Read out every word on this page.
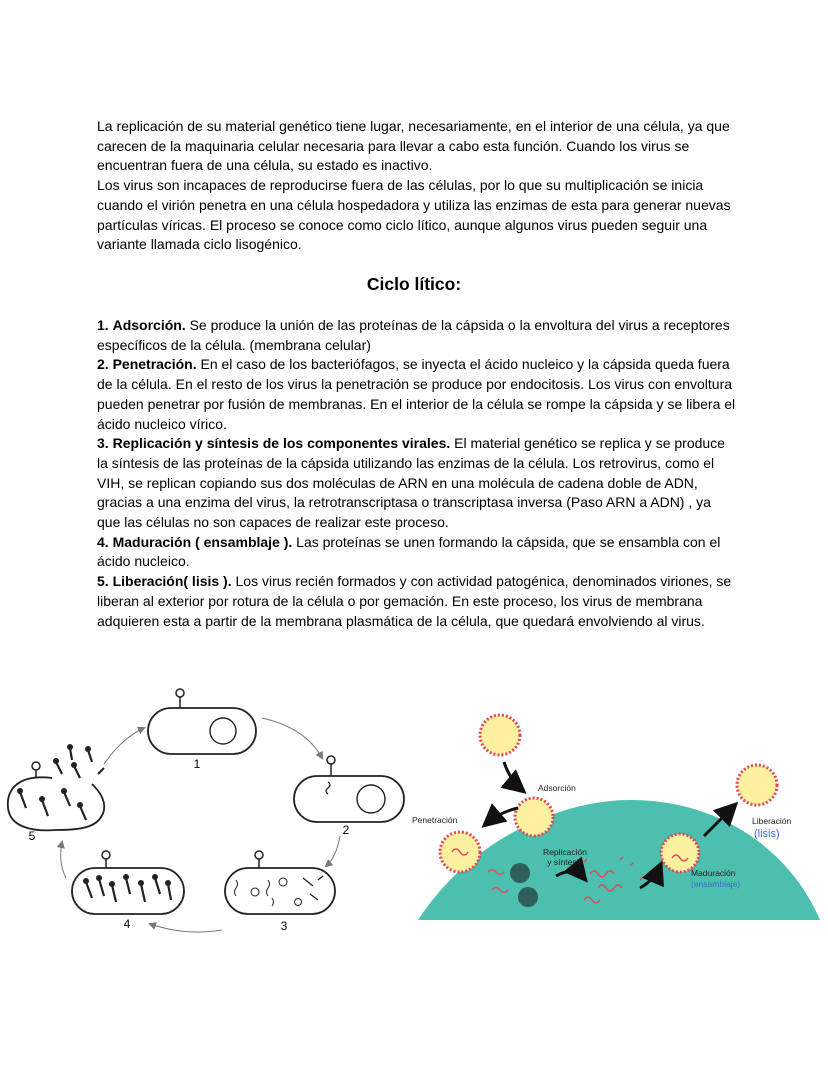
La replicación de su material genético tiene lugar, necesariamente, en el interior de una célula, ya que carecen de la maquinaria celular necesaria para llevar a cabo esta función. Cuando los virus se encuentran fuera de una célula, su estado es inactivo.

Los virus son incapaces de reproducirse fuera de las células, por lo que su multiplicación se inicia cuando el virión penetra en una célula hospedadora y utiliza las enzimas de esta para generar nuevas partículas víricas. El proceso se conoce como ciclo lítico, aunque algunos virus pueden seguir una variante llamada ciclo lisogénico.

Ciclo lítico:

1. Adsorción. Se produce la unión de las proteínas de la cápsida o la envoltura del virus a receptores específicos de la célula. (membrana celular)

2. Penetración. En el caso de los bacteriófagos, se inyecta el ácido nucleico y la cápsida queda fuera de la célula. En el resto de los virus la penetración se produce por endocitosis. Los virus con envoltura pueden penetrar por fusión de membranas. En el interior de la célula se rompe la cápsida y se libera el ácido nucleico vírico.

3. Replicación y síntesis de los componentes virales. El material genético se replica y se produce la síntesis de las proteínas de la cápsida utilizando las enzimas de la célula. Los retrovirus, como el VIH, se replican copiando sus dos moléculas de ARN en una molécula de cadena doble de ADN, gracias a una enzima del virus, la retrotranscriptasa o transcriptasa inversa (Paso ARN a ADN) , ya que las células no son capaces de realizar este proceso.

4. Maduración ( ensamblaje ). Las proteínas se unen formando la cápsida, que se ensambla con el ácido nucleico.

5. Liberación( lisis ). Los virus recién formados y con actividad patogénica, denominados viriones, se liberan al exterior por rotura de la célula o por gemación. En este proceso, los virus de membrana adquieren esta a partir de la membrana plasmática de la célula, que quedará envolviendo al virus.

1
2
3
4
5
Adsorción
Penetración
Replicación
y síntesis
Maduración
(ensamblaje)
Liberación
(lisis)
